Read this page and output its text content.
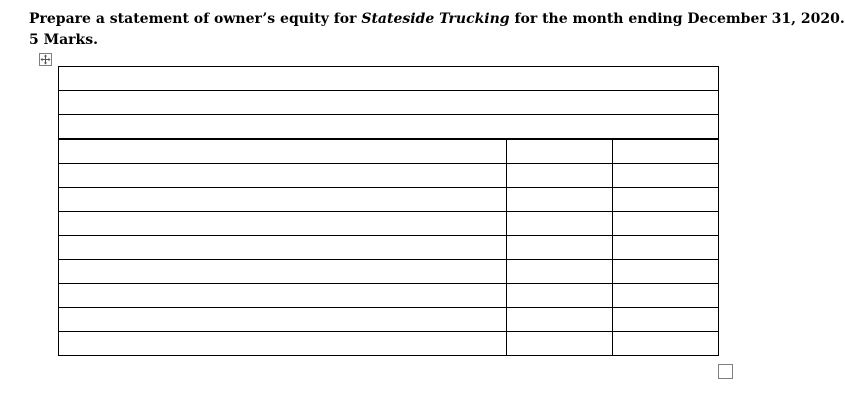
Prepare a statement of owner’s equity for Stateside Trucking for the month ending December 31, 2020.
5 Marks.
